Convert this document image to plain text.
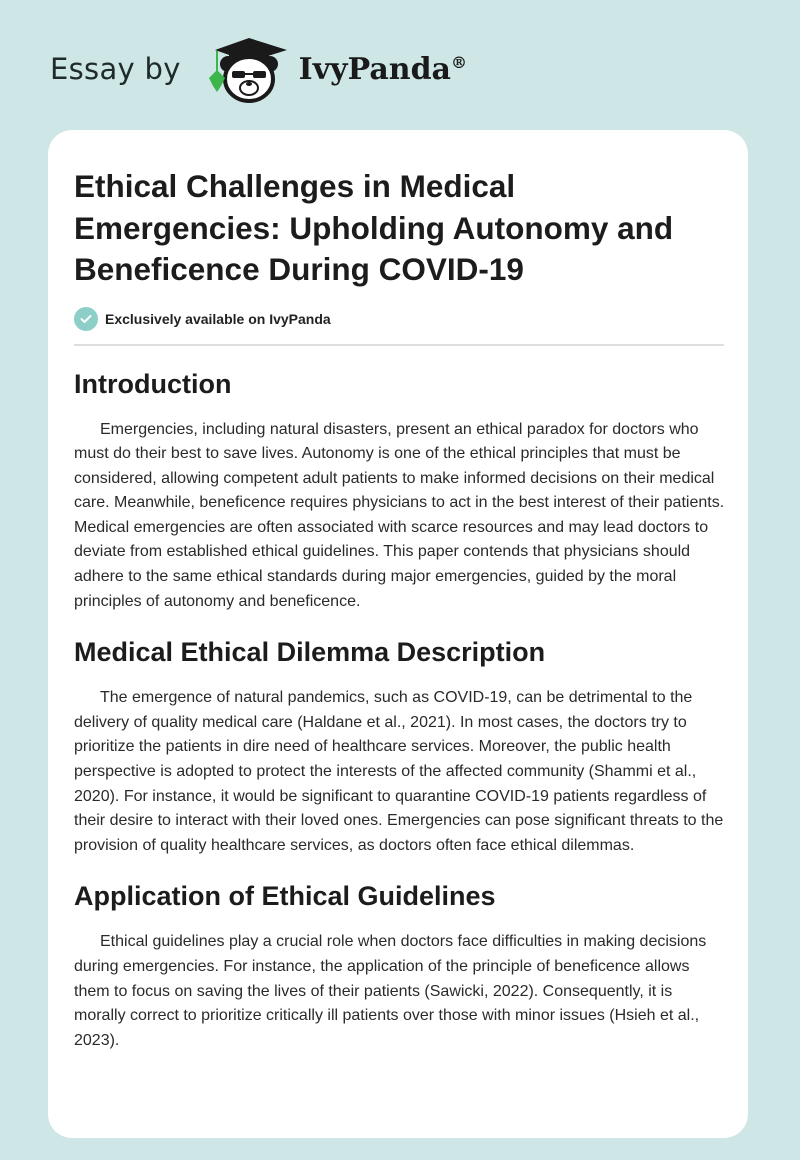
Essay by	IvyPanda®
Ethical Challenges in Medical Emergencies: Upholding Autonomy and Beneficence During COVID-19
Exclusively available on IvyPanda
Introduction

Emergencies, including natural disasters, present an ethical paradox for doctors who must do their best to save lives. Autonomy is one of the ethical principles that must be considered, allowing competent adult patients to make informed decisions on their medical care. Meanwhile, beneficence requires physicians to act in the best interest of their patients. Medical emergencies are often associated with scarce resources and may lead doctors to deviate from established ethical guidelines. This paper contends that physicians should adhere to the same ethical standards during major emergencies, guided by the moral principles of autonomy and beneficence.

Medical Ethical Dilemma Description

The emergence of natural pandemics, such as COVID-19, can be detrimental to the delivery of quality medical care (Haldane et al., 2021). In most cases, the doctors try to prioritize the patients in dire need of healthcare services. Moreover, the public health perspective is adopted to protect the interests of the affected community (Shammi et al., 2020). For instance, it would be significant to quarantine COVID-19 patients regardless of their desire to interact with their loved ones. Emergencies can pose significant threats to the provision of quality healthcare services, as doctors often face ethical dilemmas.

Application of Ethical Guidelines

Ethical guidelines play a crucial role when doctors face difficulties in making decisions during emergencies. For instance, the application of the principle of beneficence allows them to focus on saving the lives of their patients (Sawicki, 2022). Consequently, it is morally correct to prioritize critically ill patients over those with minor issues (Hsieh et al., 2023).
